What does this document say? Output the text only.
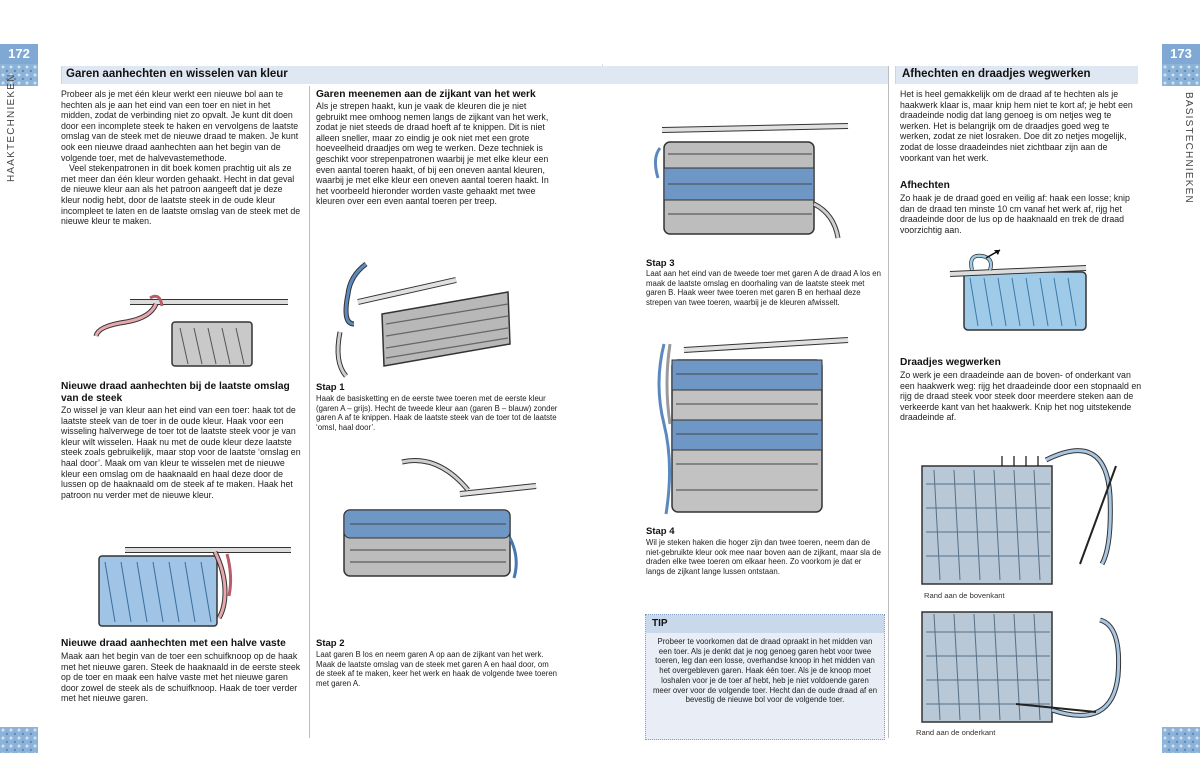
172
HAAKTECHNIEKEN
173
BASISTECHNIEKEN
Garen aanhechten en wisselen van kleur

Probeer als je met één kleur werkt een nieuwe bol aan te hechten als je aan het eind van een toer en niet in het midden, zodat de verbinding niet zo opvalt. Je kunt dit doen door een incomplete steek te haken en vervolgens de laatste omslag van de steek met de nieuwe draad te maken. Je kunt ook een nieuwe draad aanhechten aan het begin van de volgende toer, met de halvevastemethode.

Veel stekenpatronen in dit boek komen prachtig uit als ze met meer dan één kleur worden gehaakt. Hecht in dat geval de nieuwe kleur aan als het patroon aangeeft dat je deze kleur nodig hebt, door de laatste steek in de oude kleur incompleet te laten en de laatste omslag van de steek met de nieuwe kleur te maken.

Nieuwe draad aanhechten bij de laatste omslag van de steek
Zo wissel je van kleur aan het eind van een toer: haak tot de laatste steek van de toer in de oude kleur. Haak voor een wisseling halverwege de toer tot de laatste steek voor je van kleur wilt wisselen. Haak nu met de oude kleur deze laatste steek zoals gebruikelijk, maar stop voor de laatste ‘omslag en haal door’. Maak om van kleur te wisselen met de nieuwe kleur een omslag om de haaknaald en haal deze door de lussen op de haaknaald om de steek af te maken. Haak het patroon nu verder met de nieuwe kleur.
Nieuwe draad aanhechten met een halve vaste
Maak aan het begin van de toer een schuifknoop op de haak met het nieuwe garen. Steek de haaknaald in de eerste steek op de toer en maak een halve vaste met het nieuwe garen door zowel de steek als de schuifknoop. Haak de toer verder met het nieuwe garen.
Garen meenemen aan de zijkant van het werk
Als je strepen haakt, kun je vaak de kleuren die je niet gebruikt mee omhoog nemen langs de zijkant van het werk, zodat je niet steeds de draad hoeft af te knippen. Dit is niet alleen sneller, maar zo eindig je ook niet met een grote hoeveelheid draadjes om weg te werken. Deze techniek is geschikt voor strepenpatronen waarbij je met elke kleur een even aantal toeren haakt, of bij een oneven aantal kleuren, waarbij je met elke kleur een oneven aantal toeren haakt. In het voorbeeld hieronder worden vaste gehaakt met twee kleuren over een even aantal toeren per treep.
Stap 1
Haak de basisketting en de eerste twee toeren met de eerste kleur (garen A – grijs). Hecht de tweede kleur aan (garen B – blauw) zonder garen A af te knippen. Haak de laatste steek van de toer tot de laatste ‘omsl, haal door’.
Stap 2
Laat garen B los en neem garen A op aan de zijkant van het werk. Maak de laatste omslag van de steek met garen A en haal door, om de steek af te maken, keer het werk en haak de volgende twee toeren met garen A.
Stap 3
Laat aan het eind van de tweede toer met garen A de draad A los en maak de laatste omslag en doorhaling van de laatste steek met garen B. Haak weer twee toeren met garen B en herhaal deze strepen van twee toeren, waarbij je de kleuren afwisselt.
Stap 4
Wil je steken haken die hoger zijn dan twee toeren, neem dan de niet-gebruikte kleur ook mee naar boven aan de zijkant, maar sla de draden elke twee toeren om elkaar heen. Zo voorkom je dat er langs de zijkant lange lussen ontstaan.
TIP
Probeer te voorkomen dat de draad opraakt in het midden van een toer. Als je denkt dat je nog genoeg garen hebt voor twee toeren, leg dan een losse, overhandse knoop in het midden van het overgebleven garen. Haak één toer. Als je de knoop moet loshalen voor je de toer af hebt, heb je niet voldoende garen meer over voor de volgende toer. Hecht dan de oude draad af en bevestig de nieuwe bol voor de volgende toer.
Afhechten en draadjes wegwerken
Het is heel gemakkelijk om de draad af te hechten als je haakwerk klaar is, maar knip hem niet te kort af; je hebt een draadeinde nodig dat lang genoeg is om netjes weg te werken. Het is belangrijk om de draadjes goed weg te werken, zodat ze niet losraken. Doe dit zo netjes mogelijk, zodat de losse draadeindes niet zichtbaar zijn aan de voorkant van het werk.
Afhechten
Zo haak je de draad goed en veilig af: haak een losse; knip dan de draad ten minste 10 cm vanaf het werk af, rijg het draadeinde door de lus op de haaknaald en trek de draad voorzichtig aan.
Draadjes wegwerken
Zo werk je een draadeinde aan de boven- of onderkant van een haakwerk weg: rijg het draadeinde door een stopnaald en rijg de draad steek voor steek door meerdere steken aan de verkeerde kant van het haakwerk. Knip het nog uitstekende draadeinde af.
Rand aan de bovenkant
Rand aan de onderkant
